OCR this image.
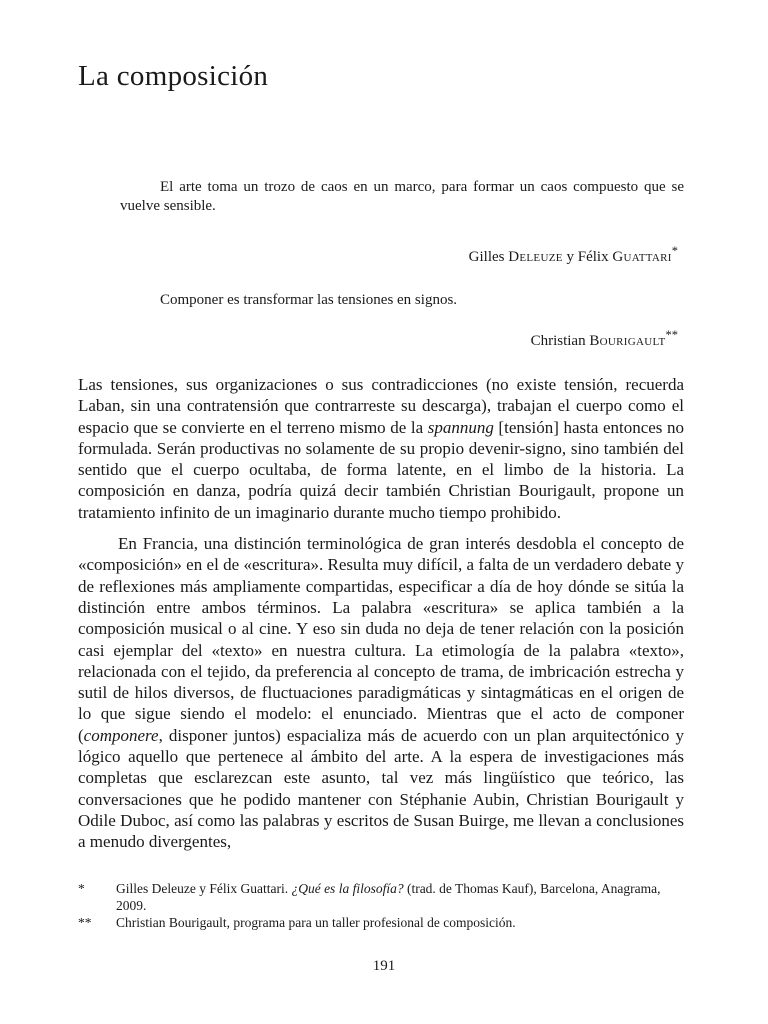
La composición

El arte toma un trozo de caos en un marco, para formar un caos compuesto que se vuelve sensible.

Gilles Deleuze y Félix Guattari*

Componer es transformar las tensiones en signos.

Christian Bourigault**

Las tensiones, sus organizaciones o sus contradicciones (no existe tensión, recuerda Laban, sin una contratensión que contrarreste su descarga), trabajan el cuerpo como el espacio que se convierte en el terreno mismo de la spannung [tensión] hasta entonces no formulada. Serán productivas no solamente de su propio devenir-signo, sino también del sentido que el cuerpo ocultaba, de forma latente, en el limbo de la historia. La composición en danza, podría quizá decir también Christian Bourigault, propone un tratamiento infinito de un imaginario durante mucho tiempo prohibido.

En Francia, una distinción terminológica de gran interés desdobla el concepto de «composición» en el de «escritura». Resulta muy difícil, a falta de un verdadero debate y de reflexiones más ampliamente compartidas, especificar a día de hoy dónde se sitúa la distinción entre ambos términos. La palabra «escritura» se aplica también a la composición musical o al cine. Y eso sin duda no deja de tener relación con la posición casi ejemplar del «texto» en nuestra cultura. La etimología de la palabra «texto», relacionada con el tejido, da preferencia al concepto de trama, de imbricación estrecha y sutil de hilos diversos, de fluctuaciones paradigmáticas y sintagmáticas en el origen de lo que sigue siendo el modelo: el enunciado. Mientras que el acto de componer (componere, disponer juntos) espacializa más de acuerdo con un plan arquitectónico y lógico aquello que pertenece al ámbito del arte. A la espera de investigaciones más completas que esclarezcan este asunto, tal vez más lingüístico que teórico, las conversaciones que he podido mantener con Stéphanie Aubin, Christian Bourigault y Odile Duboc, así como las palabras y escritos de Susan Buirge, me llevan a conclusiones a menudo divergentes,

*	Gilles Deleuze y Félix Guattari. ¿Qué es la filosofía? (trad. de Thomas Kauf), Barcelona, Anagrama, 2009.

**	Christian Bourigault, programa para un taller profesional de composición.

191
